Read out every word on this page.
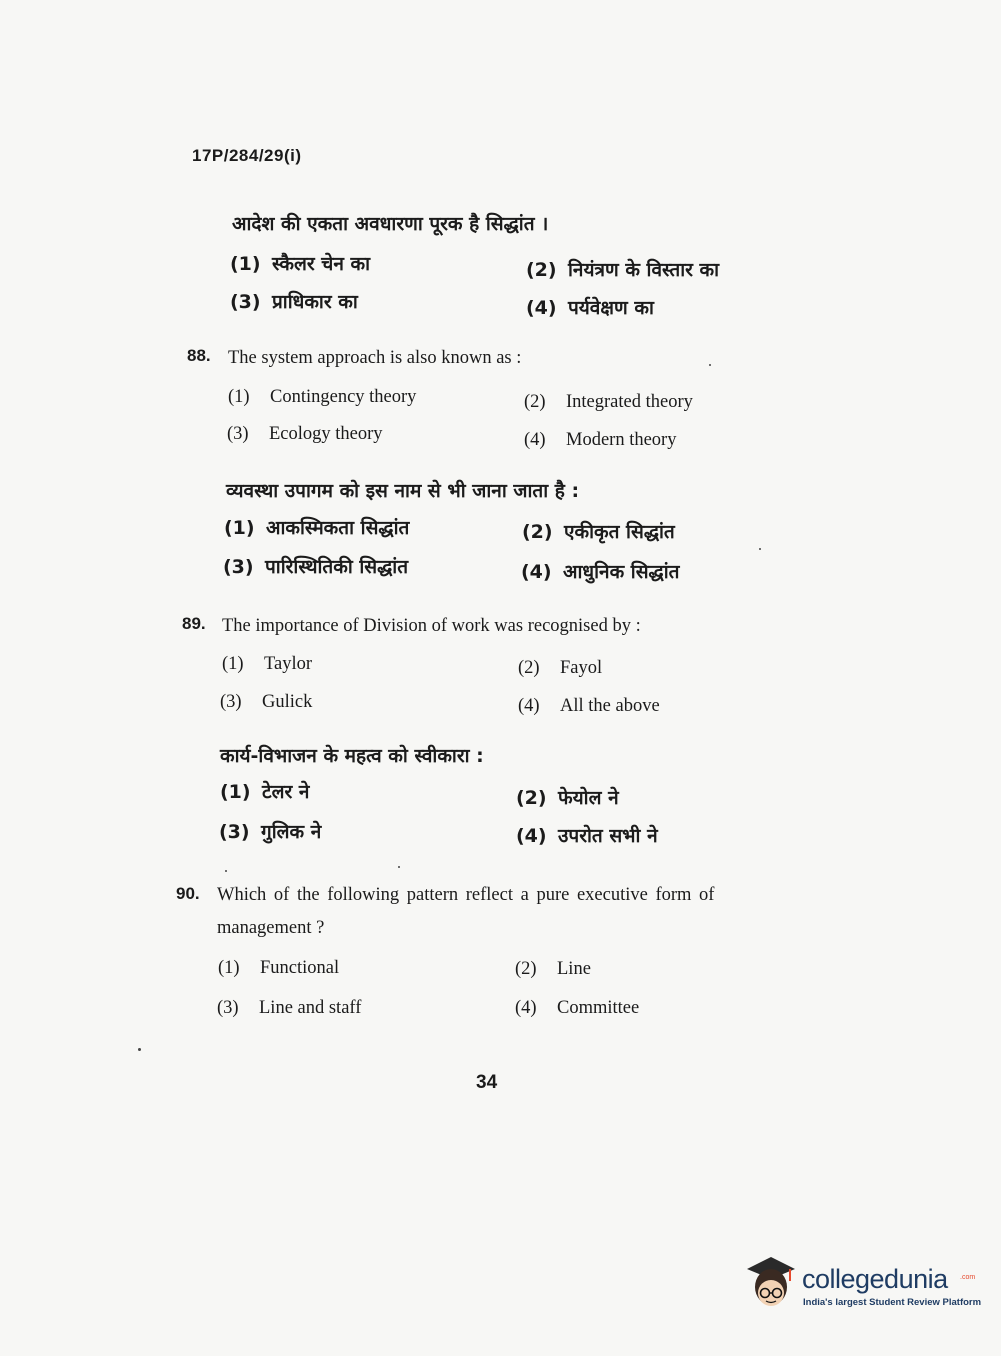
17P/284/29(i)
आदेश की एकता अवधारणा पूरक है सिद्धांत ।
(1) स्कैलर चेन का	(2) नियंत्रण के विस्तार का
(3) प्राधिकार का	(4) पर्यवेक्षण का
88. The system approach is also known as :
(1) Contingency theory	(2) Integrated theory
(3) Ecology theory	(4) Modern theory
व्यवस्था उपागम को इस नाम से भी जाना जाता है :
(1) आकस्मिकता सिद्धांत	(2) एकीकृत सिद्धांत
(3) पारिस्थितिकी सिद्धांत	(4) आधुनिक सिद्धांत
89. The importance of Division of work was recognised by :
(1) Taylor	(2) Fayol
(3) Gulick	(4) All the above
कार्य-विभाजन के महत्व को स्वीकारा :
(1) टेलर ने	(2) फेयोल ने
(3) गुलिक ने	(4) उपरोत सभी ने
90. Which of the following pattern reflect a pure executive form of
management ?
(1) Functional	(2) Line
(3) Line and staff	(4) Committee
34
collegedunia .com
India's largest Student Review Platform
